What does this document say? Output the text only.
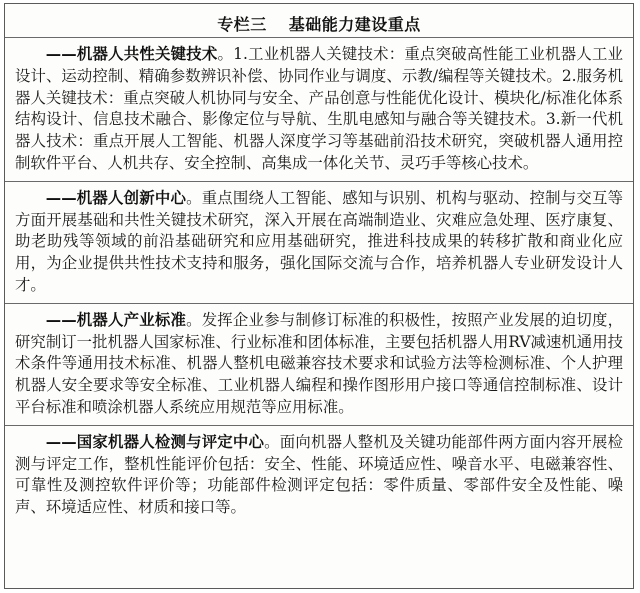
专栏三 基础能力建设重点

——机器人共性关键技术。1.工业机器人关键技术：重点突破高性能工业机器人工业设计、运动控制、精确参数辨识补偿、协同作业与调度、示教/编程等关键技术。2.服务机器人关键技术：重点突破人机协同与安全、产品创意与性能优化设计、模块化/标准化体系结构设计、信息技术融合、影像定位与导航、生肌电感知与融合等关键技术。3.新一代机器人技术：重点开展人工智能、机器人深度学习等基础前沿技术研究，突破机器人通用控制软件平台、人机共存、安全控制、高集成一体化关节、灵巧手等核心技术。

——机器人创新中心。重点围绕人工智能、感知与识别、机构与驱动、控制与交互等方面开展基础和共性关键技术研究，深入开展在高端制造业、灾难应急处理、医疗康复、助老助残等领域的前沿基础研究和应用基础研究，推进科技成果的转移扩散和商业化应用，为企业提供共性技术支持和服务，强化国际交流与合作，培养机器人专业研发设计人才。

——机器人产业标准。发挥企业参与制修订标准的积极性，按照产业发展的迫切度，研究制订一批机器人国家标准、行业标准和团体标准，主要包括机器人用RV减速机通用技术条件等通用技术标准、机器人整机电磁兼容技术要求和试验方法等检测标准、个人护理机器人安全要求等安全标准、工业机器人编程和操作图形用户接口等通信控制标准、设计平台标准和喷涂机器人系统应用规范等应用标准。

——国家机器人检测与评定中心。面向机器人整机及关键功能部件两方面内容开展检测与评定工作，整机性能评价包括：安全、性能、环境适应性、噪音水平、电磁兼容性、可靠性及测控软件评价等；功能部件检测评定包括：零件质量、零部件安全及性能、噪声、环境适应性、材质和接口等。
